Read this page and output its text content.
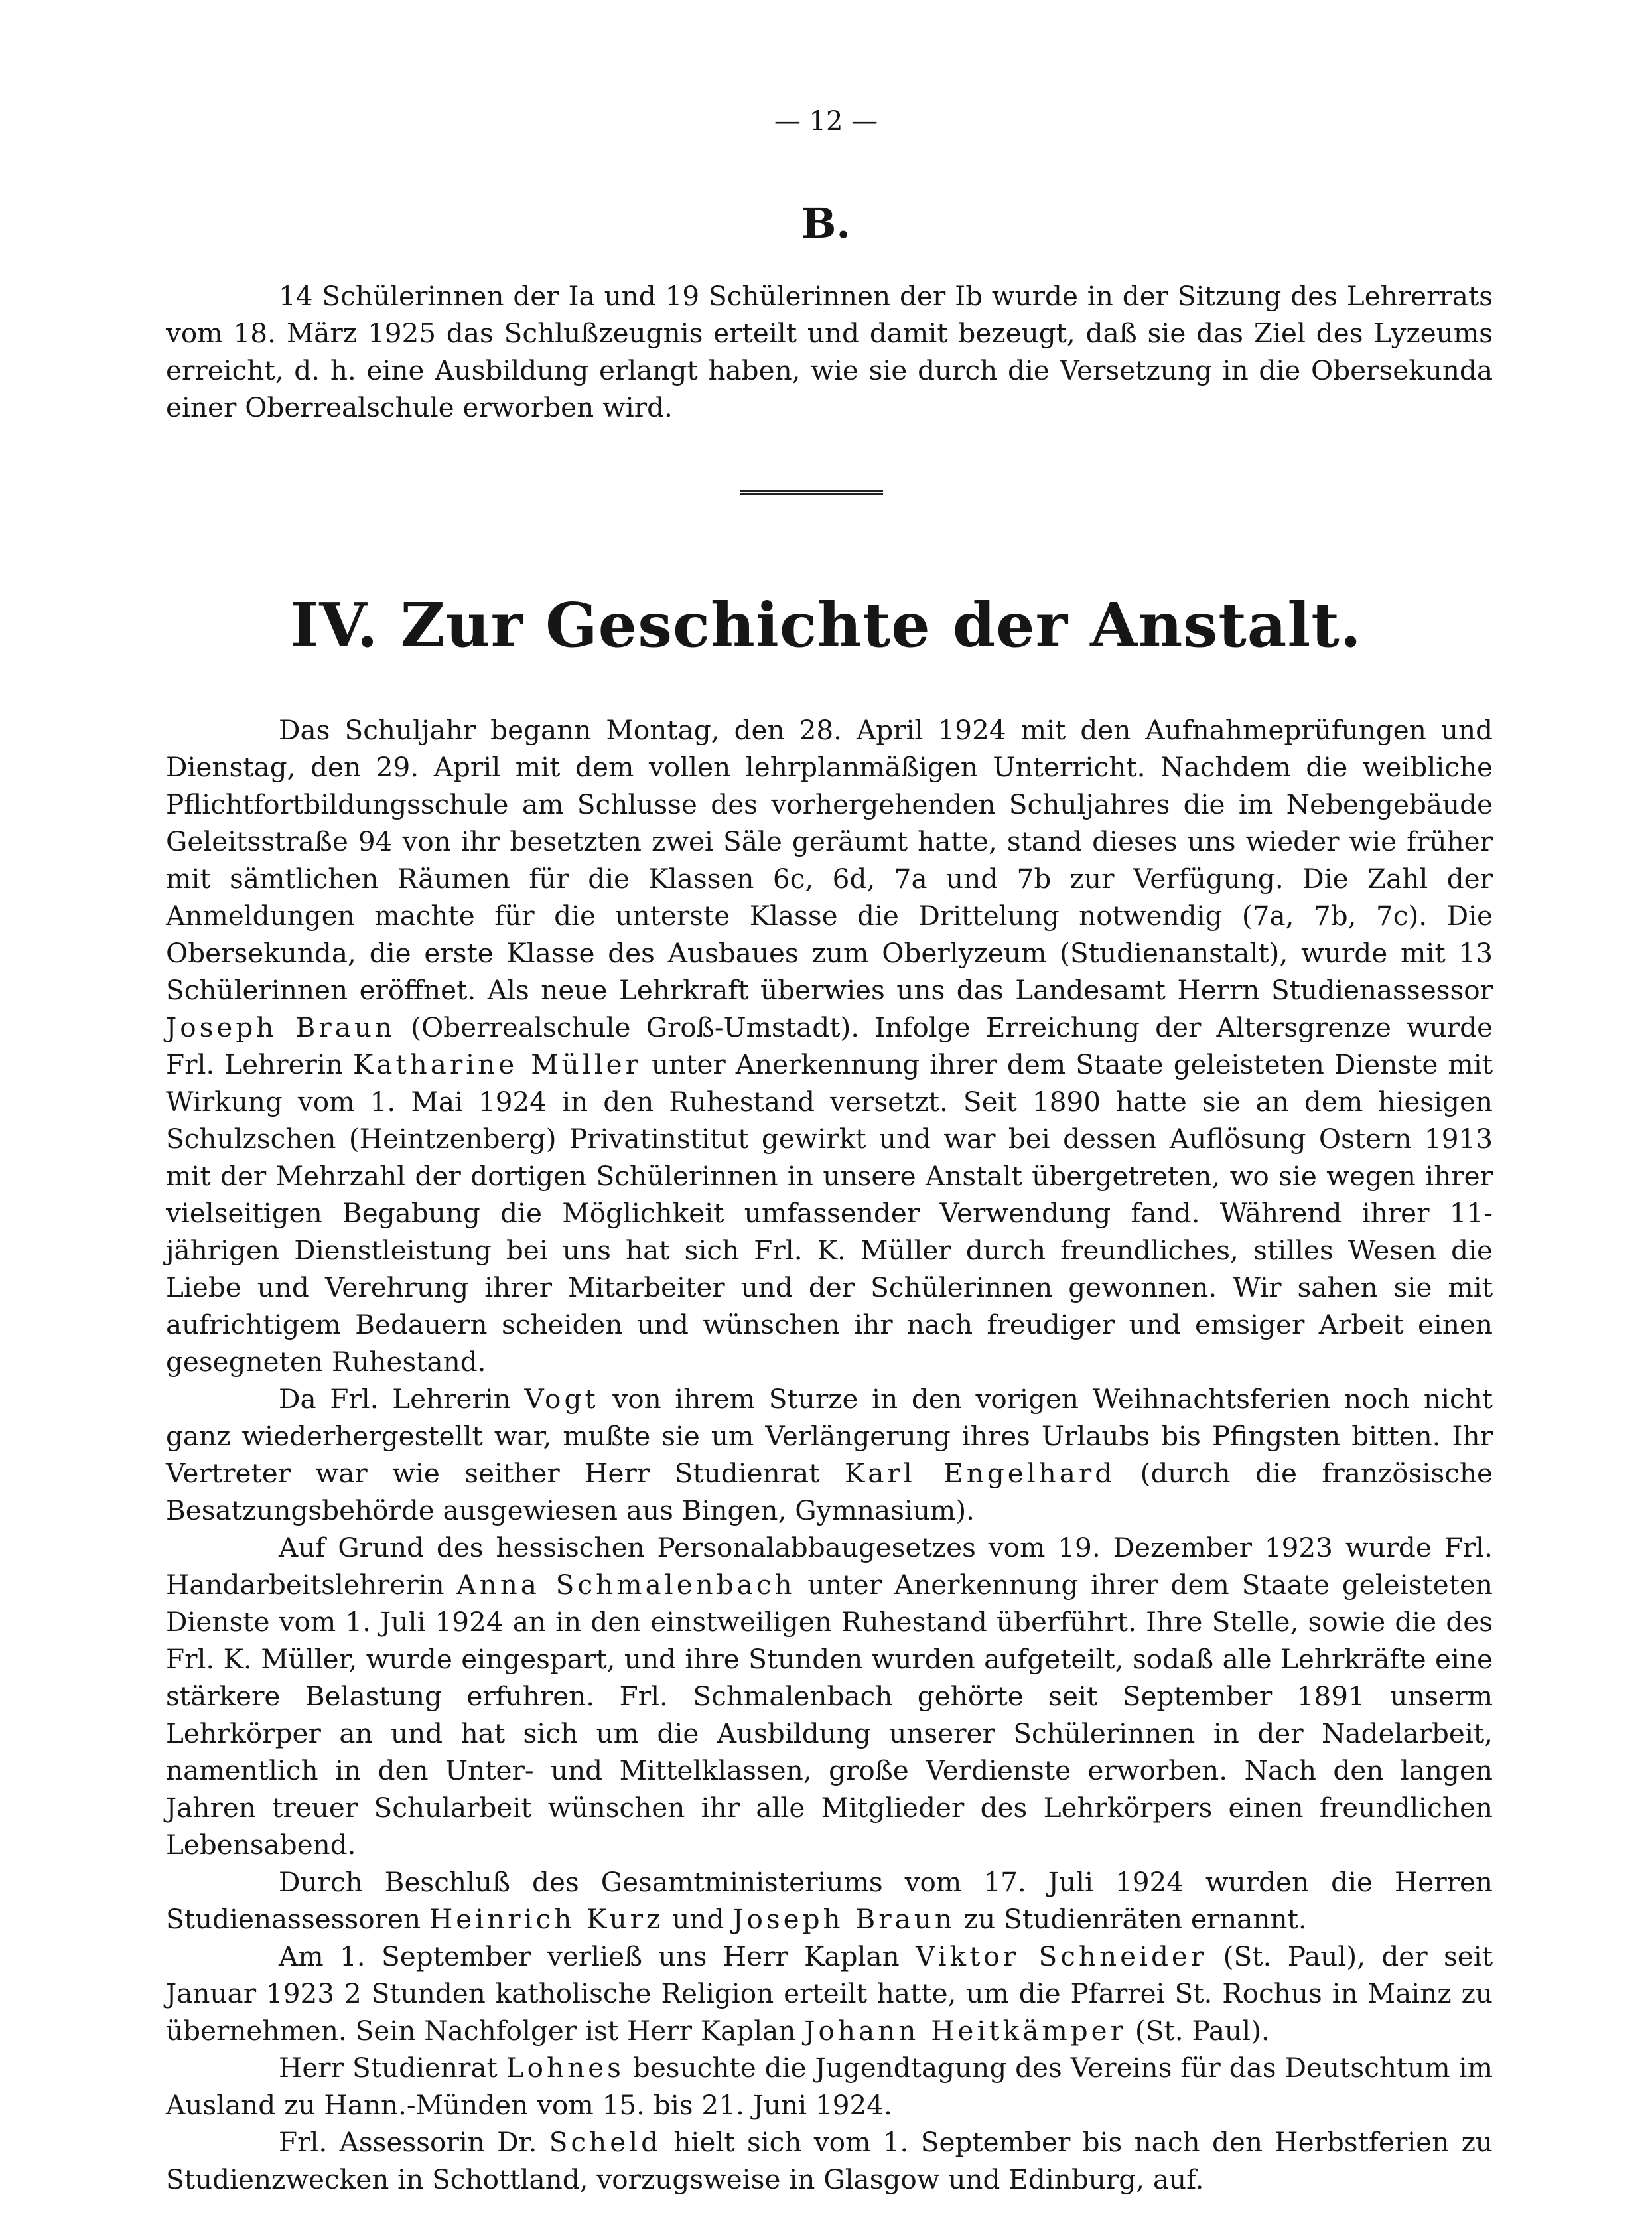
— 12 —
B.

14 Schülerinnen der Ia und 19 Schülerinnen der Ib wurde in der Sitzung des Lehrerrats vom 18. März 1925 das Schlußzeugnis erteilt und damit bezeugt, daß sie das Ziel des Lyzeums erreicht, d. h. eine Ausbildung erlangt haben, wie sie durch die Versetzung in die Obersekunda einer Oberrealschule erworben wird.

IV. Zur Geschichte der Anstalt.

Das Schuljahr begann Montag, den 28. April 1924 mit den Aufnahmeprüfungen und Dienstag, den 29. April mit dem vollen lehrplanmäßigen Unterricht. Nachdem die weibliche Pflichtfortbildungsschule am Schlusse des vorhergehenden Schuljahres die im Nebengebäude Geleitsstraße 94 von ihr besetzten zwei Säle geräumt hatte, stand dieses uns wieder wie früher mit sämtlichen Räumen für die Klassen 6c, 6d, 7a und 7b zur Verfügung. Die Zahl der Anmeldungen machte für die unterste Klasse die Drittelung notwendig (7a, 7b, 7c). Die Obersekunda, die erste Klasse des Ausbaues zum Oberlyzeum (Studienanstalt), wurde mit 13 Schülerinnen eröffnet. Als neue Lehrkraft überwies uns das Landesamt Herrn Studienassessor Joseph Braun (Oberrealschule Groß-Umstadt). Infolge Erreichung der Altersgrenze wurde Frl. Lehrerin Katharine Müller unter Anerkennung ihrer dem Staate geleisteten Dienste mit Wirkung vom 1. Mai 1924 in den Ruhestand versetzt. Seit 1890 hatte sie an dem hiesigen Schulzschen (Heintzenberg) Privatinstitut gewirkt und war bei dessen Auflösung Ostern 1913 mit der Mehrzahl der dortigen Schülerinnen in unsere Anstalt übergetreten, wo sie wegen ihrer vielseitigen Begabung die Möglichkeit umfassender Verwendung fand. Während ihrer 11-jährigen Dienstleistung bei uns hat sich Frl. K. Müller durch freundliches, stilles Wesen die Liebe und Verehrung ihrer Mitarbeiter und der Schülerinnen gewonnen. Wir sahen sie mit aufrichtigem Bedauern scheiden und wünschen ihr nach freudiger und emsiger Arbeit einen gesegneten Ruhestand.

Da Frl. Lehrerin Vogt von ihrem Sturze in den vorigen Weihnachtsferien noch nicht ganz wiederhergestellt war, mußte sie um Verlängerung ihres Urlaubs bis Pfingsten bitten. Ihr Vertreter war wie seither Herr Studienrat Karl Engelhard (durch die französische Besatzungsbehörde ausgewiesen aus Bingen, Gymnasium).

Auf Grund des hessischen Personalabbaugesetzes vom 19. Dezember 1923 wurde Frl. Handarbeitslehrerin Anna Schmalenbach unter Anerkennung ihrer dem Staate geleisteten Dienste vom 1. Juli 1924 an in den einstweiligen Ruhestand überführt. Ihre Stelle, sowie die des Frl. K. Müller, wurde eingespart, und ihre Stunden wurden aufgeteilt, sodaß alle Lehrkräfte eine stärkere Belastung erfuhren. Frl. Schmalenbach gehörte seit September 1891 unserm Lehrkörper an und hat sich um die Ausbildung unserer Schülerinnen in der Nadelarbeit, namentlich in den Unter- und Mittelklassen, große Verdienste erworben. Nach den langen Jahren treuer Schularbeit wünschen ihr alle Mitglieder des Lehrkörpers einen freundlichen Lebensabend.

Durch Beschluß des Gesamtministeriums vom 17. Juli 1924 wurden die Herren Studienassessoren Heinrich Kurz und Joseph Braun zu Studienräten ernannt.

Am 1. September verließ uns Herr Kaplan Viktor Schneider (St. Paul), der seit Januar 1923 2 Stunden katholische Religion erteilt hatte, um die Pfarrei St. Rochus in Mainz zu übernehmen. Sein Nachfolger ist Herr Kaplan Johann Heitkämper (St. Paul).

Herr Studienrat Lohnes besuchte die Jugendtagung des Vereins für das Deutschtum im Ausland zu Hann.-Münden vom 15. bis 21. Juni 1924.

Frl. Assessorin Dr. Scheld hielt sich vom 1. September bis nach den Herbstferien zu Studienzwecken in Schottland, vorzugsweise in Glasgow und Edinburg, auf.
